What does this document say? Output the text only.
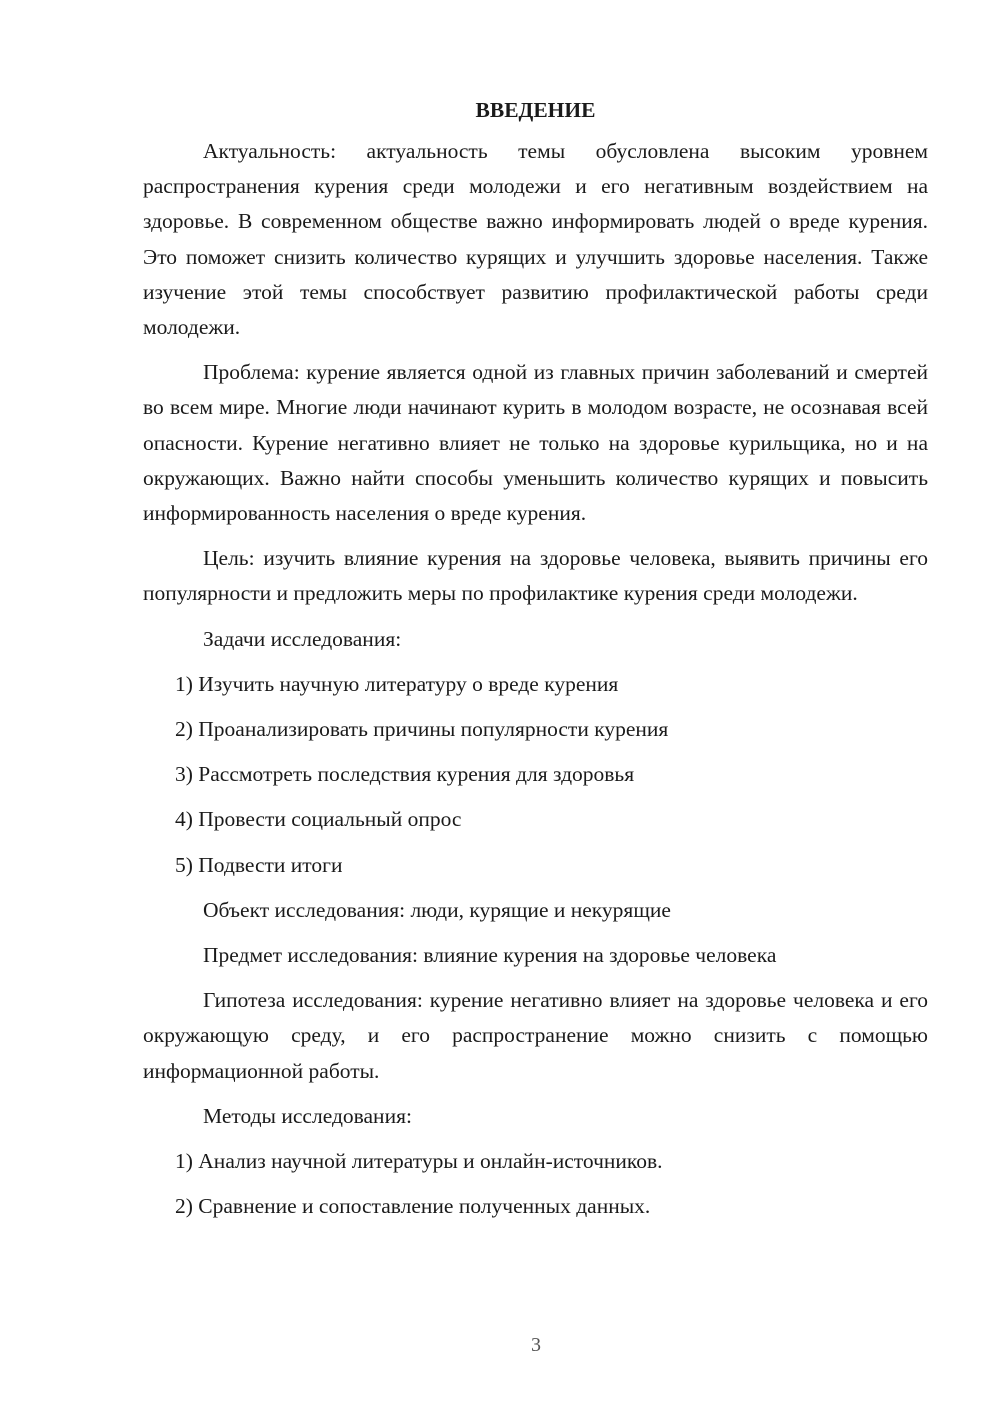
ВВЕДЕНИЕ
Актуальность: актуальность темы обусловлена высоким уровнем распространения курения среди молодежи и его негативным воздействием на здоровье. В современном обществе важно информировать людей о вреде курения. Это поможет снизить количество курящих и улучшить здоровье населения. Также изучение этой темы способствует развитию профилактической работы среди молодежи.
Проблема: курение является одной из главных причин заболеваний и смертей во всем мире. Многие люди начинают курить в молодом возрасте, не осознавая всей опасности. Курение негативно влияет не только на здоровье курильщика, но и на окружающих. Важно найти способы уменьшить количество курящих и повысить информированность населения о вреде курения.
Цель: изучить влияние курения на здоровье человека, выявить причины его популярности и предложить меры по профилактике курения среди молодежи.
Задачи исследования:
1) Изучить научную литературу о вреде курения
2) Проанализировать причины популярности курения
3) Рассмотреть последствия курения для здоровья
4) Провести социальный опрос
5) Подвести итоги
Объект исследования: люди, курящие и некурящие
Предмет исследования: влияние курения на здоровье человека
Гипотеза исследования: курение негативно влияет на здоровье человека и его окружающую среду, и его распространение можно снизить с помощью информационной работы.
Методы исследования:
1) Анализ научной литературы и онлайн-источников.
2) Сравнение и сопоставление полученных данных.
3
